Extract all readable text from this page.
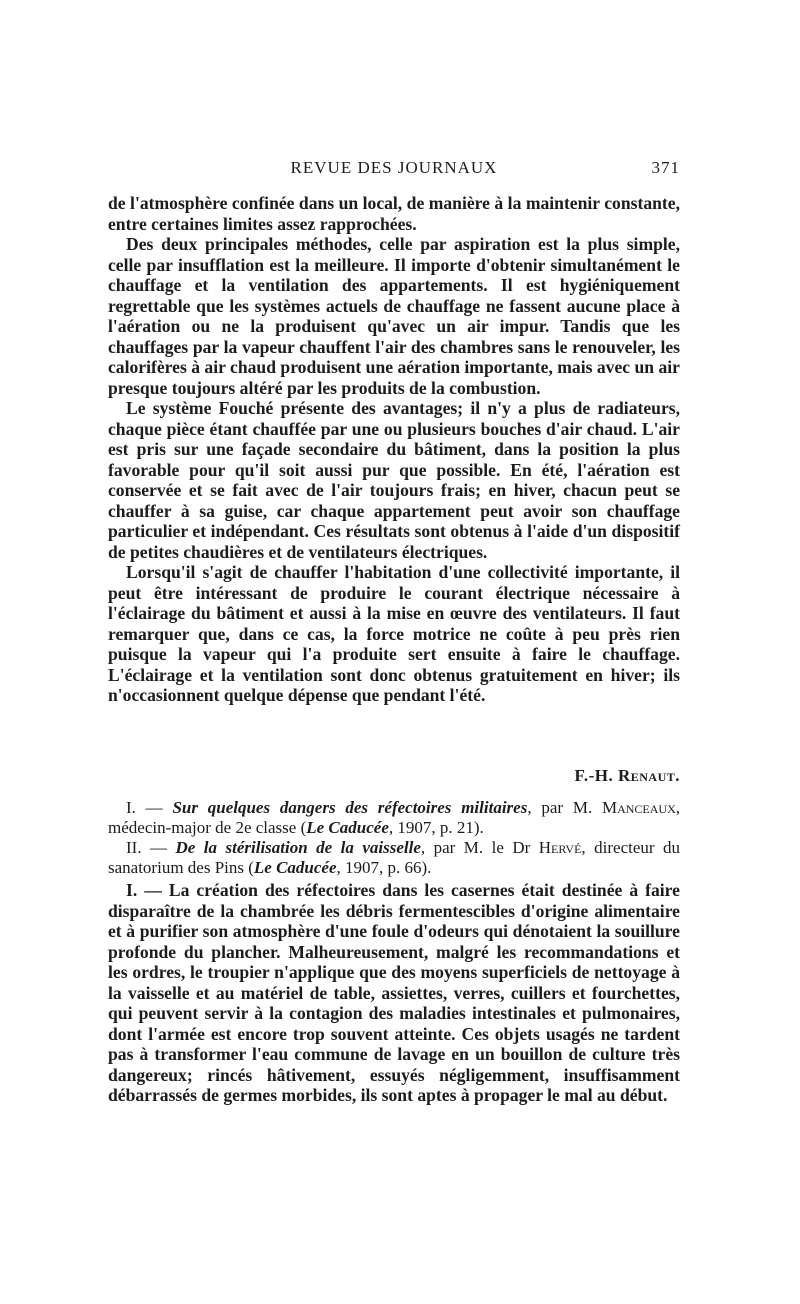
REVUE DES JOURNAUX	371

de l'atmosphère confinée dans un local, de manière à la maintenir constante, entre certaines limites assez rapprochées.

Des deux principales méthodes, celle par aspiration est la plus simple, celle par insufflation est la meilleure. Il importe d'obtenir simultanément le chauffage et la ventilation des appartements. Il est hygiéniquement regrettable que les systèmes actuels de chauffage ne fassent aucune place à l'aération ou ne la produisent qu'avec un air impur. Tandis que les chauffages par la vapeur chauffent l'air des chambres sans le renouveler, les calorifères à air chaud produisent une aération importante, mais avec un air presque toujours altéré par les produits de la combustion.

Le système Fouché présente des avantages; il n'y a plus de radiateurs, chaque pièce étant chauffée par une ou plusieurs bouches d'air chaud. L'air est pris sur une façade secondaire du bâtiment, dans la position la plus favorable pour qu'il soit aussi pur que possible. En été, l'aération est conservée et se fait avec de l'air toujours frais; en hiver, chacun peut se chauffer à sa guise, car chaque appartement peut avoir son chauffage particulier et indépendant. Ces résultats sont obtenus à l'aide d'un dispositif de petites chaudières et de ventilateurs électriques.

Lorsqu'il s'agit de chauffer l'habitation d'une collectivité importante, il peut être intéressant de produire le courant électrique nécessaire à l'éclairage du bâtiment et aussi à la mise en œuvre des ventilateurs. Il faut remarquer que, dans ce cas, la force motrice ne coûte à peu près rien puisque la vapeur qui l'a produite sert ensuite à faire le chauffage. L'éclairage et la ventilation sont donc obtenus gratuitement en hiver; ils n'occasionnent quelque dépense que pendant l'été.

F.-H. Renaut.

I. — Sur quelques dangers des réfectoires militaires, par M. Manceaux, médecin-major de 2e classe (Le Caducée, 1907, p. 21).

II. — De la stérilisation de la vaisselle, par M. le Dr Hervé, directeur du sanatorium des Pins (Le Caducée, 1907, p. 66).

I. — La création des réfectoires dans les casernes était destinée à faire disparaître de la chambrée les débris fermentescibles d'origine alimentaire et à purifier son atmosphère d'une foule d'odeurs qui dénotaient la souillure profonde du plancher. Malheureusement, malgré les recommandations et les ordres, le troupier n'applique que des moyens superficiels de nettoyage à la vaisselle et au matériel de table, assiettes, verres, cuillers et fourchettes, qui peuvent servir à la contagion des maladies intestinales et pulmonaires, dont l'armée est encore trop souvent atteinte. Ces objets usagés ne tardent pas à transformer l'eau commune de lavage en un bouillon de culture très dangereux; rincés hâtivement, essuyés négligemment, insuffisamment débarrassés de germes morbides, ils sont aptes à propager le mal au début.
